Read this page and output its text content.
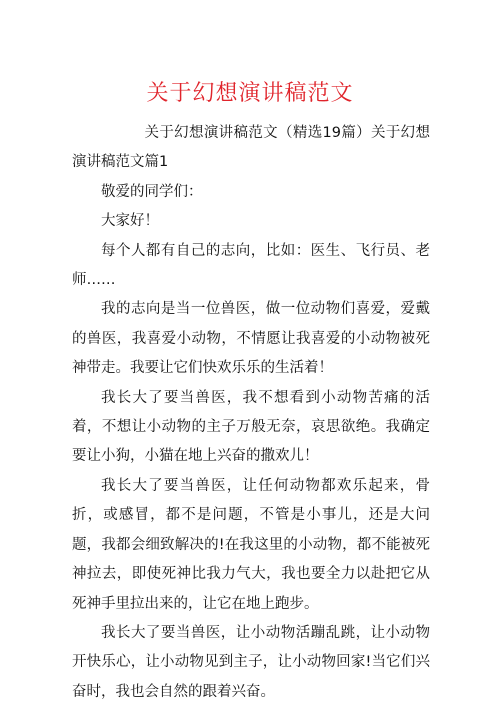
关于幻想演讲稿范文

关于幻想演讲稿范文（精选19篇）关于幻想演讲稿范文篇1

敬爱的同学们：

大家好！

每个人都有自己的志向，比如：医生、飞行员、老师……

我的志向是当一位兽医，做一位动物们喜爱，爱戴的兽医，我喜爱小动物，不情愿让我喜爱的小动物被死神带走。我要让它们快欢乐乐的生活着！

我长大了要当兽医，我不想看到小动物苦痛的活着，不想让小动物的主子万般无奈，哀思欲绝。我确定要让小狗，小猫在地上兴奋的撒欢儿！

我长大了要当兽医，让任何动物都欢乐起来，骨折，或感冒，都不是问题，不管是小事儿，还是大问题，我都会细致解决的!在我这里的小动物，都不能被死神拉去，即使死神比我力气大，我也要全力以赴把它从死神手里拉出来的，让它在地上跑步。

我长大了要当兽医，让小动物活蹦乱跳，让小动物开快乐心，让小动物见到主子，让小动物回家!当它们兴奋时，我也会自然的跟着兴奋。
